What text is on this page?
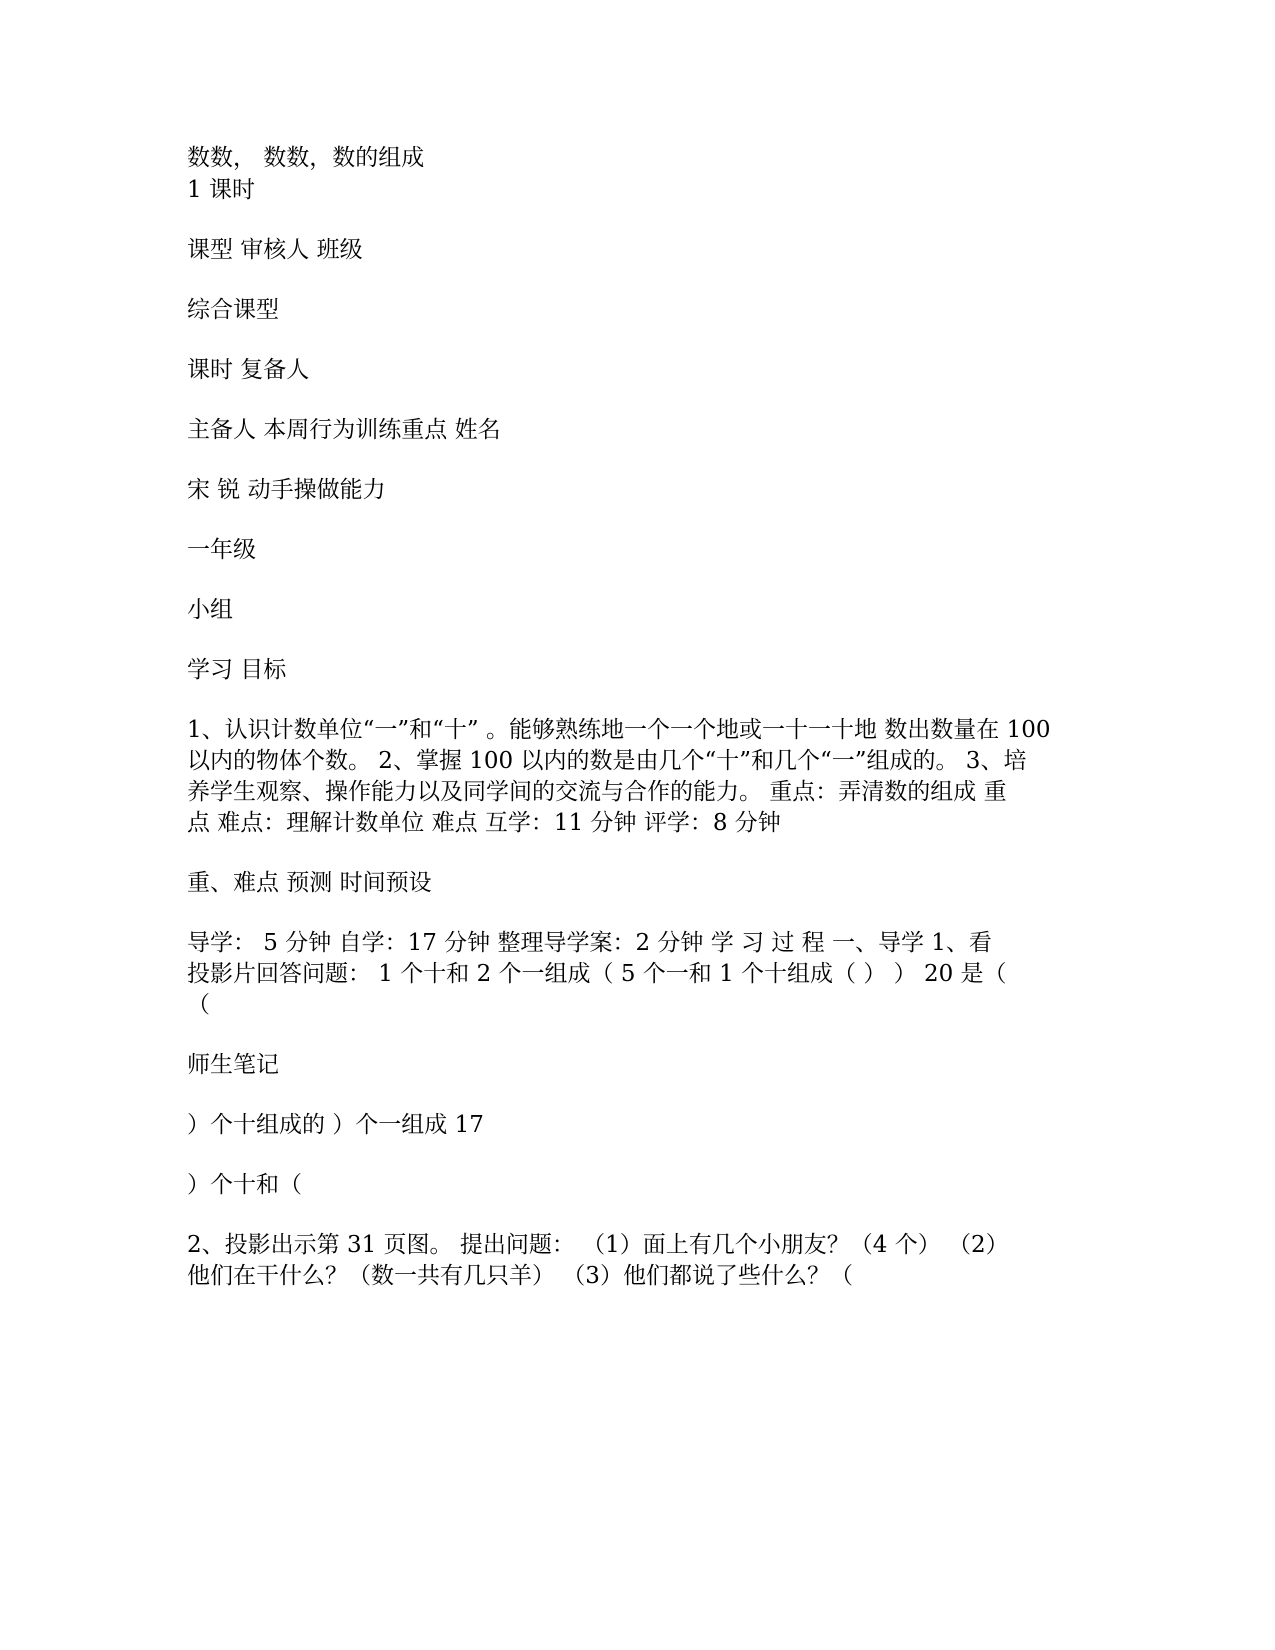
数数， 数数，数的组成

1 课时

课型 审核人 班级

综合课型

课时 复备人

主备人 本周行为训练重点 姓名

宋 锐 动手操做能力

一年级

小组

学习 目标

1、认识计数单位“一”和“十” 。能够熟练地一个一个地或一十一十地 数出数量在 100

以内的物体个数。 2、掌握 100 以内的数是由几个“十”和几个“一”组成的。 3、培

养学生观察、操作能力以及同学间的交流与合作的能力。 重点：弄清数的组成 重

点 难点：理解计数单位 难点 互学：11 分钟 评学：8 分钟

重、难点 预测 时间预设

导学： 5 分钟 自学：17 分钟 整理导学案：2 分钟 学 习 过 程 一、导学 1、看

投影片回答问题： 1 个十和 2 个一组成（ 5 个一和 1 个十组成（ ） ） 20 是（

（

师生笔记

）个十组成的 ）个一组成 17

）个十和（

2、投影出示第 31 页图。 提出问题： （1）面上有几个小朋友？（4 个） （2）

他们在干什么？（数一共有几只羊） （3）他们都说了些什么？（
